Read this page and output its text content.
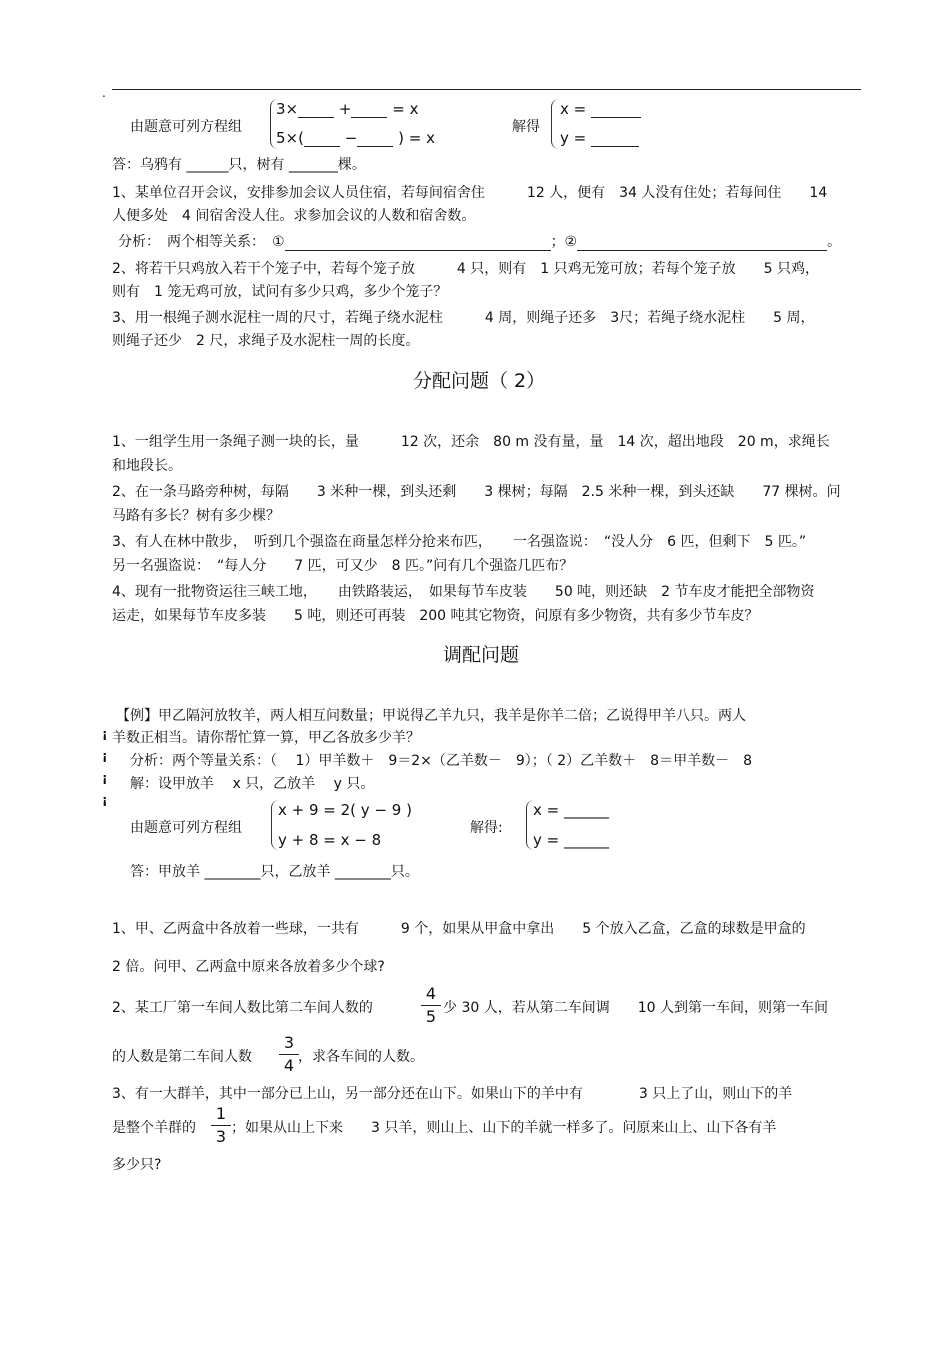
.
由题意可列方程组
3×	+	= x
5×(	−	) = x
解得
x =
y =
答：乌鸦有 ______只，树有 _______棵。
1、某单位召开会议，安排参加会议人员住宿，若每间宿舍住　　　12 人，便有　34 人没有住处；若每间住　　14
人便多处　4 间宿舍没人住。求参加会议的人数和宿舍数。
分析：　两个相等关系：　①	；②	。
2、将若干只鸡放入若干个笼子中，若每个笼子放　　　4 只，则有　1 只鸡无笼可放；若每个笼子放　　5 只鸡，
则有　1 笼无鸡可放，试问有多少只鸡，多少个笼子？
3、用一根绳子测水泥柱一周的尺寸，若绳子绕水泥柱　　　4 周，则绳子还多　3尺；若绳子绕水泥柱　　5 周，
则绳子还少　2 尺，求绳子及水泥柱一周的长度。
分配问题（ 2）
1、一组学生用一条绳子测一块的长，量　　　12 次，还余　80 m 没有量，量　14 次，超出地段　20 m，求绳长
和地段长。
2、在一条马路旁种树，每隔　　3 米种一棵，到头还剩　　3 棵树；每隔　2.5 米种一棵，到头还缺　　77 棵树。问
马路有多长？树有多少棵？
3、有人在林中散步，　听到几个强盗在商量怎样分抢来布匹，　　一名强盗说：　“没人分　6 匹，但剩下　5 匹。”
另一名强盗说：　“每人分　　7 匹，可又少　8 匹。”问有几个强盗几匹布？
4、现有一批物资运往三峡工地，　　由铁路装运，　如果每节车皮装　　50 吨，则还缺　2 节车皮才能把全部物资
运走，如果每节车皮多装　　5 吨，则还可再装　200 吨其它物资，问原有多少物资，共有多少节车皮？
调配问题
【例】甲乙隔河放牧羊，两人相互问数量；甲说得乙羊九只，我羊是你羊二倍；乙说得甲羊八只。两人
羊数正相当。请你帮忙算一算，甲乙各放多少羊？
¡
¡
¡
¡
分析：两个等量关系：（　 1）甲羊数＋　9＝2×（乙羊数－　9）；（ 2）乙羊数＋　8＝甲羊数－　8
解：设甲放羊　 x 只，乙放羊　 y 只。
由题意可列方程组
x + 9 = 2( y − 9 )
y + 8 = x − 8
解得:
x = ______
y = ______
答：甲放羊 ________只，乙放羊 ________只。
1、甲、乙两盒中各放着一些球，一共有　　　9 个，如果从甲盒中拿出　　5 个放入乙盒，乙盒的球数是甲盒的
2 倍。问甲、乙两盒中原来各放着多少个球?
2、某工厂第一车间人数比第二车间人数的
4
5 少 30 人，若从第二车间调　　10 人到第一车间，则第一车间
的人数是第二车间人数
3
4 ，求各车间的人数。
3、有一大群羊，其中一部分已上山，另一部分还在山下。如果山下的羊中有　　　　3 只上了山，则山下的羊
是整个羊群的
1
3 ；如果从山上下来　　3 只羊，则山上、山下的羊就一样多了。问原来山上、山下各有羊
多少只?
